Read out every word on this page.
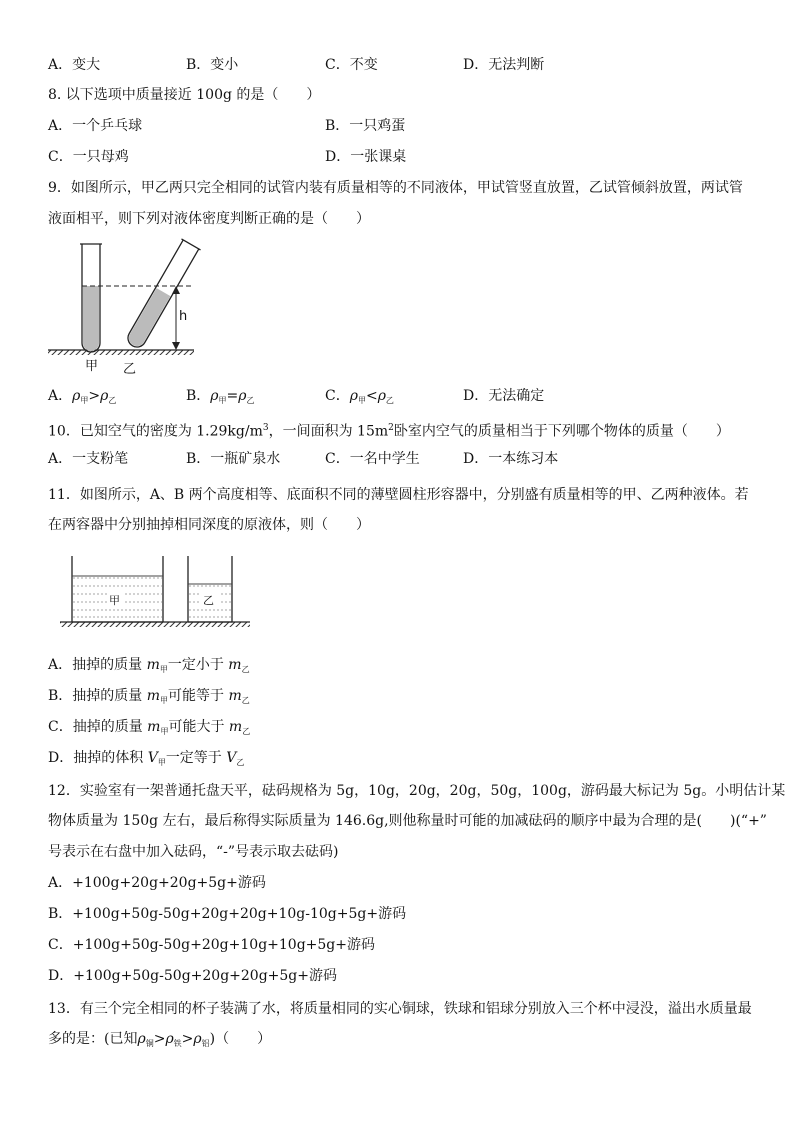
A．变大	B．变小	C．不变	D．无法判断
8. 以下选项中质量接近 100g 的是（　　）
A．一个乒乓球	B．一只鸡蛋
C．一只母鸡	D．一张课桌
9．如图所示，甲乙两只完全相同的试管内装有质量相等的不同液体，甲试管竖直放置，乙试管倾斜放置，两试管
液面相平，则下列对液体密度判断正确的是（　　）
h
甲 乙
A．$\rho_甲>\rho_乙$	B．$\rho_甲=\rho_乙$	C．$\rho_甲<\rho_乙$	D．无法确定
10．已知空气的密度为 $1.29kg/m^3$，一间面积为 $15m^2$卧室内空气的质量相当于下列哪个物体的质量（　　）
A．一支粉笔	B．一瓶矿泉水	C．一名中学生	D．一本练习本
11．如图所示，A、B 两个高度相等、底面积不同的薄壁圆柱形容器中，分别盛有质量相等的甲、乙两种液体。若
在两容器中分别抽掉相同深度的原液体，则（　　）
甲	乙
A．抽掉的质量 $m_甲$一定小于 $m_乙$
B．抽掉的质量 $m_甲$可能等于 $m_乙$
C．抽掉的质量 $m_甲$可能大于 $m_乙$
D．抽掉的体积 $V_甲$一定等于 $V_乙$
12．实验室有一架普通托盘天平，砝码规格为 5g，10g，20g，20g，50g，100g，游码最大标记为 5g。小明估计某
物体质量为 150g 左右，最后称得实际质量为 146.6g,则他称量时可能的加减砝码的顺序中最为合理的是(　　)(“+”
号表示在右盘中加入砝码，“-”号表示取去砝码)
A．+100g+20g+20g+5g+游码
B．+100g+50g-50g+20g+20g+10g-10g+5g+游码
C．+100g+50g-50g+20g+10g+10g+5g+游码
D．+100g+50g-50g+20g+20g+5g+游码
13．有三个完全相同的杯子装满了水，将质量相同的实心铜球，铁球和铝球分别放入三个杯中浸没，溢出水质量最
多的是：(已知$\rho_铜>\rho_铁>\rho_铝$)（　　）
